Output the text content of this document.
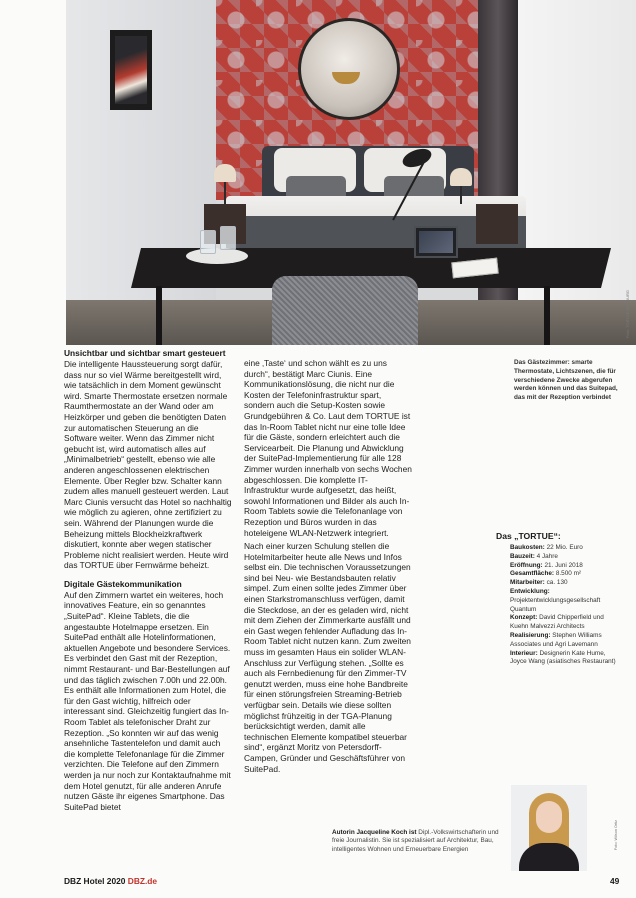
Foto: TORTUE HAMBURG
Unsichtbar und sichtbar smart gesteuert

Die intelligente Haussteuerung sorgt dafür, dass nur so viel Wärme bereitgestellt wird, wie tatsächlich in dem Moment gewünscht wird. Smarte Thermostate ersetzen normale Raumthermostate an der Wand oder am Heizkörper und geben die benötigten Daten zur automatischen Steuerung an die Software weiter. Wenn das Zimmer nicht gebucht ist, wird automatisch alles auf „Minimalbetrieb“ gestellt, ebenso wie alle anderen angeschlossenen elektrischen Elemente. Über Regler bzw. Schalter kann zudem alles manuell gesteuert werden. Laut Marc Ciunis versucht das Hotel so nachhaltig wie möglich zu agieren, ohne zertifiziert zu sein. Während der Planungen wurde die Beheizung mittels Blockheizkraftwerk diskutiert, konnte aber wegen statischer Probleme nicht realisiert werden. Heute wird das TORTUE über Fernwärme beheizt.

Digitale Gästekommunikation

Auf den Zimmern wartet ein weiteres, hoch innovatives Feature, ein so genanntes „SuitePad“. Kleine Tablets, die die angestaubte Hotelmappe ersetzen. Ein SuitePad enthält alle Hotelinformationen, aktuellen Angebote und besondere Services. Es verbindet den Gast mit der Rezeption, nimmt Restaurant- und Bar-Bestellungen auf und das täglich zwischen 7.00h und 22.00h. Es enthält alle Informationen zum Hotel, die für den Gast wichtig, hilfreich oder interessant sind. Gleichzeitig fungiert das In-Room Tablet als telefonischer Draht zur Rezeption. „So konnten wir auf das wenig ansehnliche Tastentelefon und damit auch die komplette Telefonanlage für die Zimmer verzichten. Die Telefone auf den Zimmern werden ja nur noch zur Kontaktaufnahme mit dem Hotel genutzt, für alle anderen Anrufe nutzen Gäste ihr eigenes Smartphone. Das SuitePad bietet

eine ‚Taste‘ und schon wählt es zu uns durch“, bestätigt Marc Ciunis. Eine Kommunikationslösung, die nicht nur die Kosten der Telefoninfrastruktur spart, sondern auch die Setup-Kosten sowie Grundgebühren & Co. Laut dem TORTUE ist das In-Room Tablet nicht nur eine tolle Idee für die Gäste, sondern erleichtert auch die Servicearbeit. Die Planung und Abwicklung der SuitePad-Implementierung für alle 128 Zimmer wurden innerhalb von sechs Wochen abgeschlossen. Die komplette IT-Infrastruktur wurde aufgesetzt, das heißt, sowohl Informationen und Bilder als auch In-Room Tablets sowie die Telefonanlage von Rezeption und Büros wurden in das hoteleigene WLAN-Netzwerk integriert.

Nach einer kurzen Schulung stellen die Hotelmitarbeiter heute alle News und Infos selbst ein. Die technischen Voraussetzungen sind bei Neu- wie Bestandsbauten relativ simpel. Zum einen sollte jedes Zimmer über einen Starkstromanschluss verfügen, damit die Steckdose, an der es geladen wird, nicht mit dem Ziehen der Zimmerkarte ausfällt und ein Gast wegen fehlender Aufladung das In-Room Tablet nicht nutzen kann. Zum zweiten muss im gesamten Haus ein solider WLAN-Anschluss zur Verfügung stehen. „Sollte es auch als Fernbedienung für den Zimmer-TV genutzt werden, muss eine hohe Bandbreite für einen störungsfreien Streaming-Betrieb verfügbar sein. Details wie diese sollten möglichst frühzeitig in der TGA-Planung berücksichtigt werden, damit alle technischen Elemente kompatibel steuerbar sind“, ergänzt Moritz von Petersdorff-Campen, Gründer und Geschäftsführer von SuitePad.

Das Gästezimmer: smarte Thermostate, Lichtszenen, die für verschiedene Zwecke abgerufen werden können und das Suitepad, das mit der Rezeption verbindet
Das „TORTUE“:
Baukosten: 22 Mio. Euro
Bauzeit: 4 Jahre
Eröffnung: 21. Juni 2018
Gesamtfläche: 8.500 m²
Mitarbeiter: ca. 130
Entwicklung: Projektentwicklungsgesellschaft Quantum
Konzept: David Chipperfield und Kuehn Malvezzi Architects
Realisierung: Stephen Williams Associates und Agri Lavemann
Interieur: Designerin Kate Hume, Joyce Wang (asiatisches Restaurant)
Autorin Jacqueline Koch ist Dipl.-Volkswirtschafterin und freie Journalistin. Sie ist spezialisiert auf Architektur, Bau, intelligentes Wohnen und Erneuerbare Energien	Foto: Wilson Ortiz
DBZ Hotel 2020 DBZ.de	49
